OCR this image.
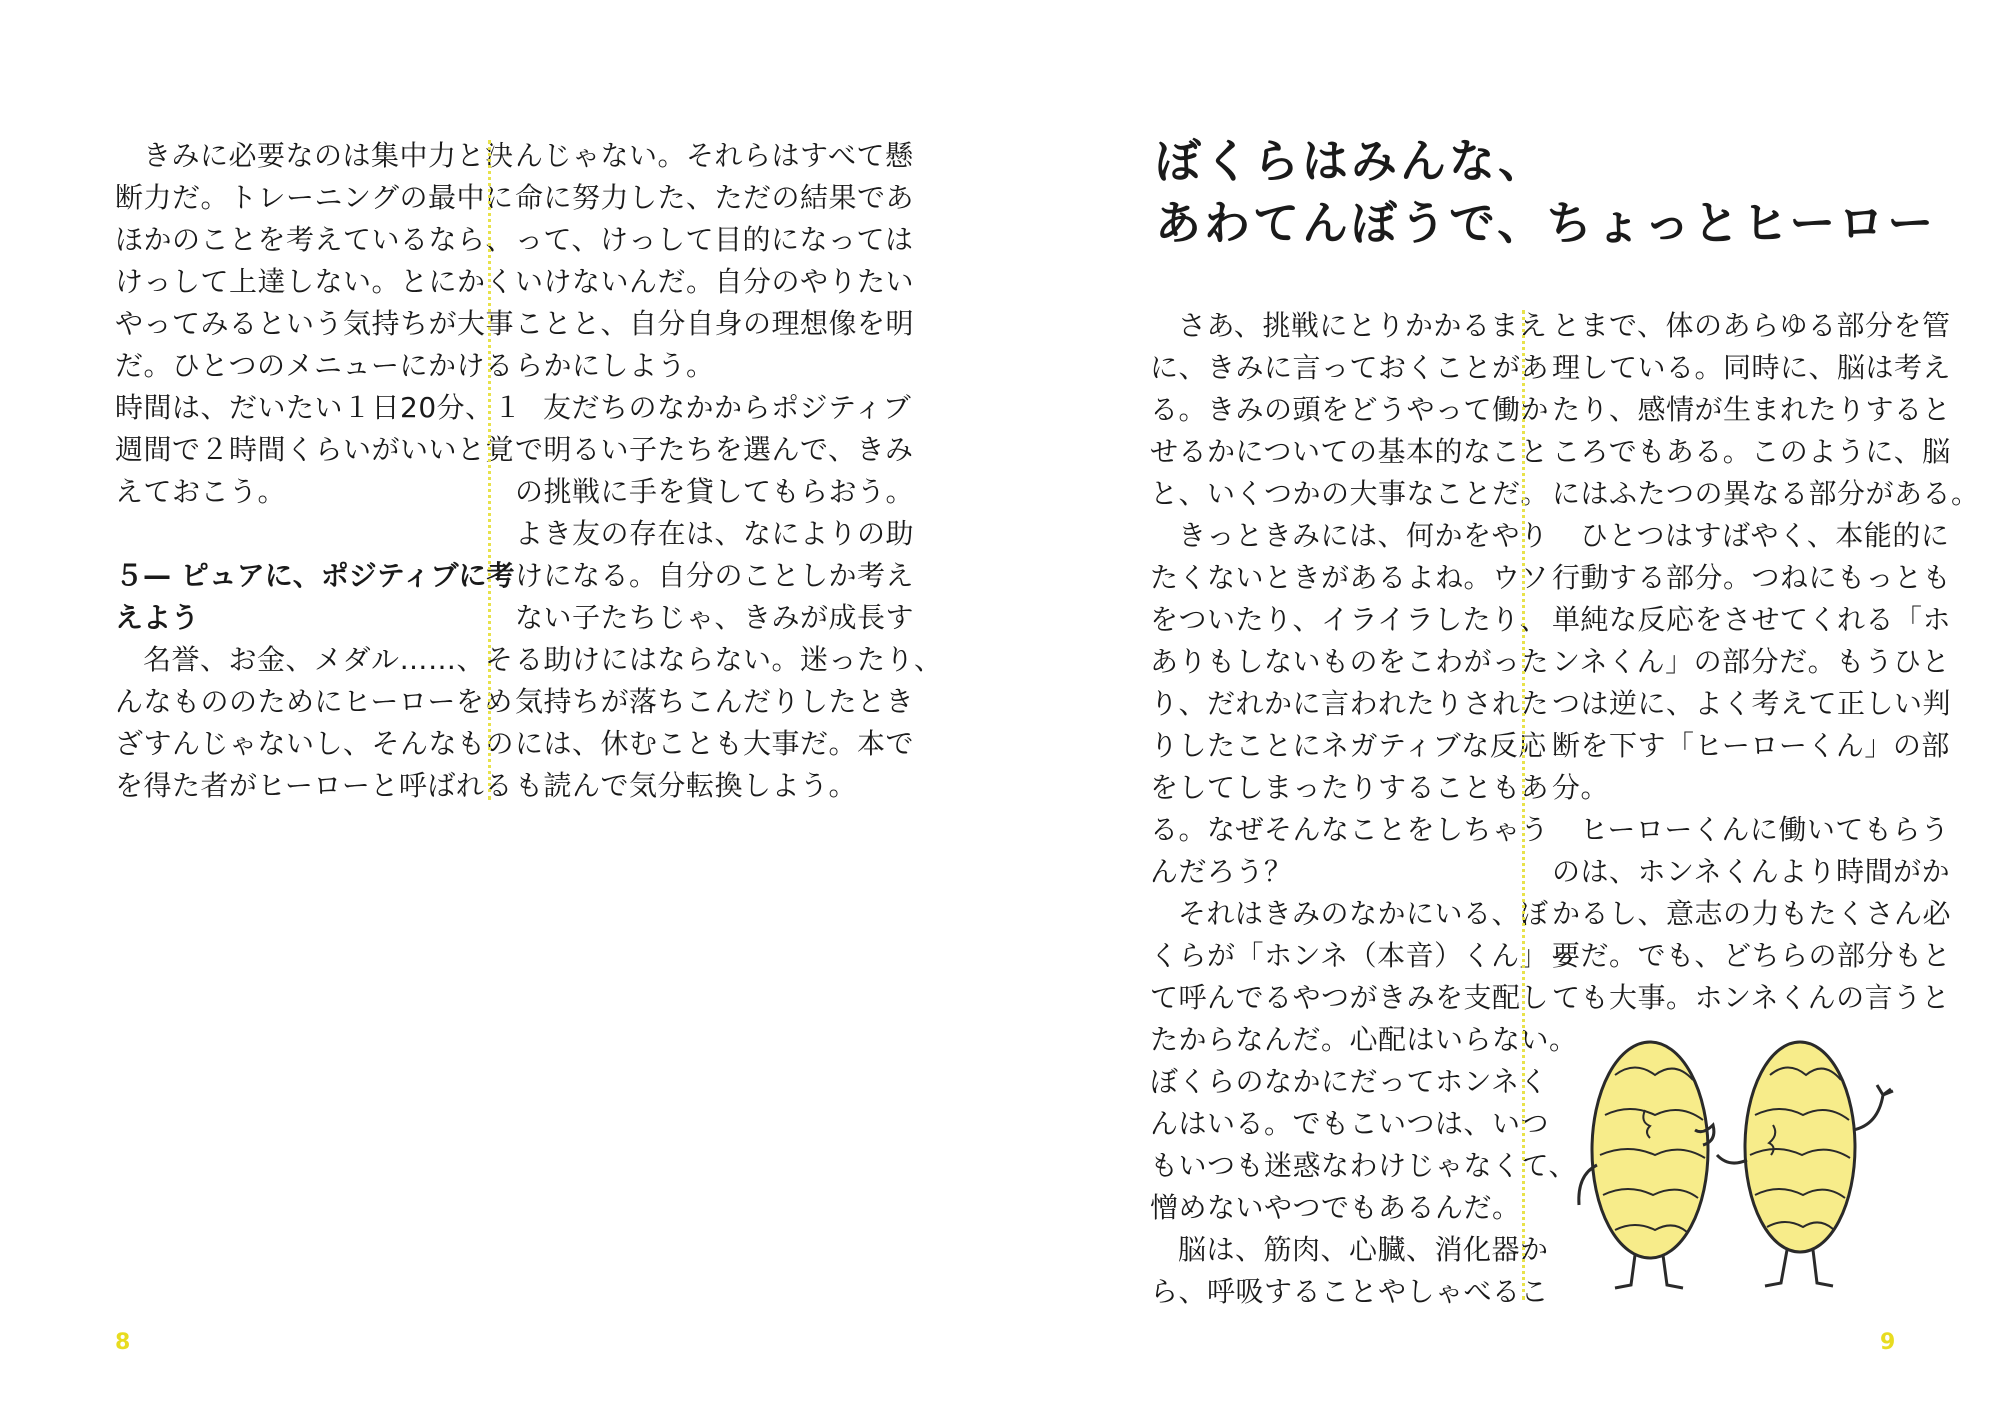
きみに必要なのは集中力と決

断力だ。トレーニングの最中に

ほかのことを考えているなら、

けっして上達しない。とにかく

やってみるという気持ちが大事

だ。ひとつのメニューにかける

時間は、だいたい１日20分、１

週間で２時間くらいがいいと覚

えておこう。

５— ピュアに、ポジティブに考
えよう

名誉、お金、メダル……、そ

んなもののためにヒーローをめ

ざすんじゃないし、そんなもの

を得た者がヒーローと呼ばれる

んじゃない。それらはすべて懸

命に努力した、ただの結果であ

って、けっして目的になっては

いけないんだ。自分のやりたい

ことと、自分自身の理想像を明

らかにしよう。

友だちのなかからポジティブ

で明るい子たちを選んで、きみ

の挑戦に手を貸してもらおう。

よき友の存在は、なによりの助

けになる。自分のことしか考え

ない子たちじゃ、きみが成長す

る助けにはならない。迷ったり、

気持ちが落ちこんだりしたとき

には、休むことも大事だ。本で

も読んで気分転換しよう。

8
ぼくらはみんな、
あわてんぼうで、ちょっとヒーロー

さあ、挑戦にとりかかるまえ

に、きみに言っておくことがあ

る。きみの頭をどうやって働か

せるかについての基本的なこと

と、いくつかの大事なことだ。

きっときみには、何かをやり

たくないときがあるよね。ウソ

をついたり、イライラしたり、

ありもしないものをこわがった

り、だれかに言われたりされた

りしたことにネガティブな反応

をしてしまったりすることもあ

る。なぜそんなことをしちゃう

んだろう？

それはきみのなかにいる、ぼ

くらが「ホンネ（本音）くん」っ

て呼んでるやつがきみを支配し

たからなんだ。心配はいらない。

ぼくらのなかにだってホンネく

んはいる。でもこいつは、いつ

もいつも迷惑なわけじゃなくて、

憎めないやつでもあるんだ。

脳は、筋肉、心臓、消化器か

ら、呼吸することやしゃべるこ

とまで、体のあらゆる部分を管

理している。同時に、脳は考え

たり、感情が生まれたりすると

ころでもある。このように、脳

にはふたつの異なる部分がある。

ひとつはすばやく、本能的に

行動する部分。つねにもっとも

単純な反応をさせてくれる「ホ

ンネくん」の部分だ。もうひと

つは逆に、よく考えて正しい判

断を下す「ヒーローくん」の部

分。

ヒーローくんに働いてもらう

のは、ホンネくんより時間がか

かるし、意志の力もたくさん必

要だ。でも、どちらの部分もと

ても大事。ホンネくんの言うと

9
